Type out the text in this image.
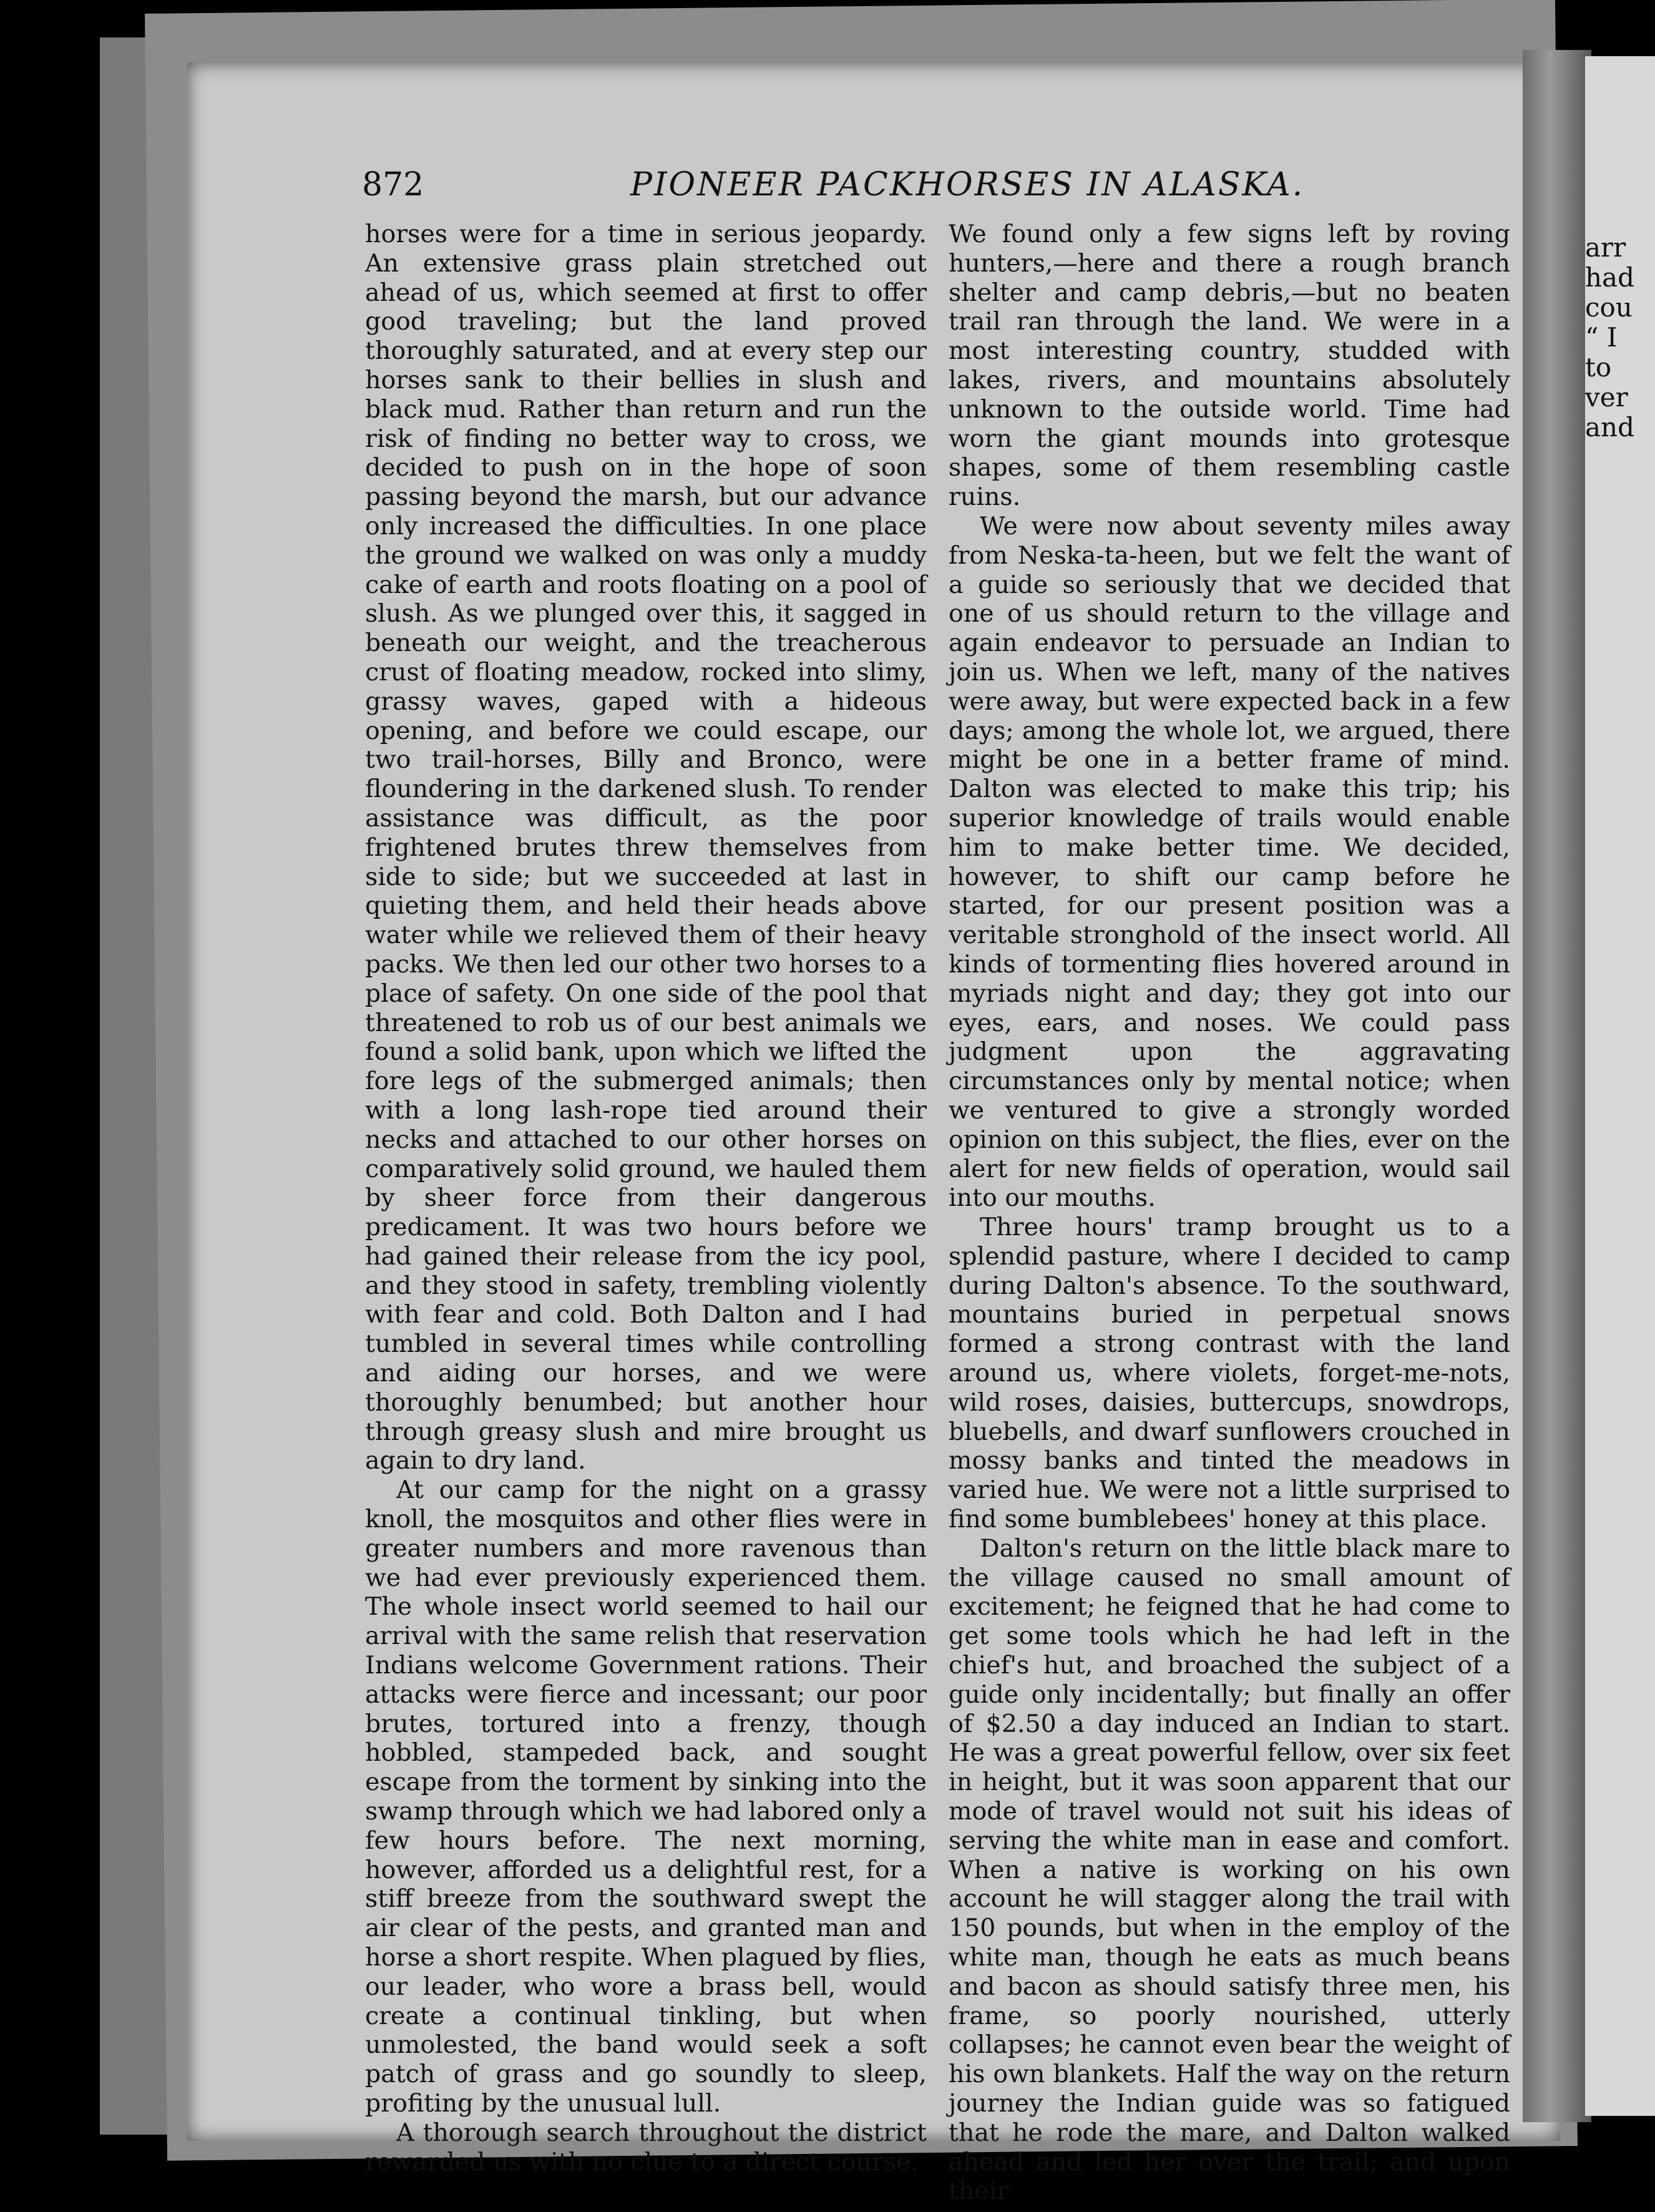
arr
had
cou
“ I
to
ver
and
872	PIONEER PACKHORSES IN ALASKA.

horses were for a time in serious jeopardy. An extensive grass plain stretched out ahead of us, which seemed at first to offer good traveling; but the land proved thoroughly saturated, and at every step our horses sank to their bellies in slush and black mud. Rather than return and run the risk of finding no better way to cross, we decided to push on in the hope of soon passing beyond the marsh, but our advance only increased the difficulties. In one place the ground we walked on was only a muddy cake of earth and roots floating on a pool of slush. As we plunged over this, it sagged in beneath our weight, and the treacherous crust of floating meadow, rocked into slimy, grassy waves, gaped with a hideous opening, and before we could escape, our two trail-horses, Billy and Bronco, were floundering in the darkened slush. To render assistance was difficult, as the poor frightened brutes threw themselves from side to side; but we succeeded at last in quieting them, and held their heads above water while we relieved them of their heavy packs. We then led our other two horses to a place of safety. On one side of the pool that threatened to rob us of our best animals we found a solid bank, upon which we lifted the fore legs of the submerged animals; then with a long lash-rope tied around their necks and attached to our other horses on comparatively solid ground, we hauled them by sheer force from their dangerous predicament. It was two hours before we had gained their release from the icy pool, and they stood in safety, trembling violently with fear and cold. Both Dalton and I had tumbled in several times while controlling and aiding our horses, and we were thoroughly benumbed; but another hour through greasy slush and mire brought us again to dry land.

At our camp for the night on a grassy knoll, the mosquitos and other flies were in greater numbers and more ravenous than we had ever previously experienced them. The whole insect world seemed to hail our arrival with the same relish that reservation Indians welcome Government rations. Their attacks were fierce and incessant; our poor brutes, tortured into a frenzy, though hobbled, stampeded back, and sought escape from the torment by sinking into the swamp through which we had labored only a few hours before. The next morning, however, afforded us a delightful rest, for a stiff breeze from the southward swept the air clear of the pests, and granted man and horse a short respite. When plagued by flies, our leader, who wore a brass bell, would create a continual tinkling, but when unmolested, the band would seek a soft patch of grass and go soundly to sleep, profiting by the unusual lull.

A thorough search throughout the district rewarded us with no clue to a direct course.

We found only a few signs left by roving hunters,—here and there a rough branch shelter and camp debris,—but no beaten trail ran through the land. We were in a most interesting country, studded with lakes, rivers, and mountains absolutely unknown to the outside world. Time had worn the giant mounds into grotesque shapes, some of them resembling castle ruins.

We were now about seventy miles away from Neska-ta-heen, but we felt the want of a guide so seriously that we decided that one of us should return to the village and again endeavor to persuade an Indian to join us. When we left, many of the natives were away, but were expected back in a few days; among the whole lot, we argued, there might be one in a better frame of mind. Dalton was elected to make this trip; his superior knowledge of trails would enable him to make better time. We decided, however, to shift our camp before he started, for our present position was a veritable stronghold of the insect world. All kinds of tormenting flies hovered around in myriads night and day; they got into our eyes, ears, and noses. We could pass judgment upon the aggravating circumstances only by mental notice; when we ventured to give a strongly worded opinion on this subject, the flies, ever on the alert for new fields of operation, would sail into our mouths.

Three hours' tramp brought us to a splendid pasture, where I decided to camp during Dalton's absence. To the southward, mountains buried in perpetual snows formed a strong contrast with the land around us, where violets, forget-me-nots, wild roses, daisies, buttercups, snowdrops, bluebells, and dwarf sunflowers crouched in mossy banks and tinted the meadows in varied hue. We were not a little surprised to find some bumblebees' honey at this place.

Dalton's return on the little black mare to the village caused no small amount of excitement; he feigned that he had come to get some tools which he had left in the chief's hut, and broached the subject of a guide only incidentally; but finally an offer of $2.50 a day induced an Indian to start. He was a great powerful fellow, over six feet in height, but it was soon apparent that our mode of travel would not suit his ideas of serving the white man in ease and comfort. When a native is working on his own account he will stagger along the trail with 150 pounds, but when in the employ of the white man, though he eats as much beans and bacon as should satisfy three men, his frame, so poorly nourished, utterly collapses; he cannot even bear the weight of his own blankets. Half the way on the return journey the Indian guide was so fatigued that he rode the mare, and Dalton walked ahead and led her over the trail; and upon their
